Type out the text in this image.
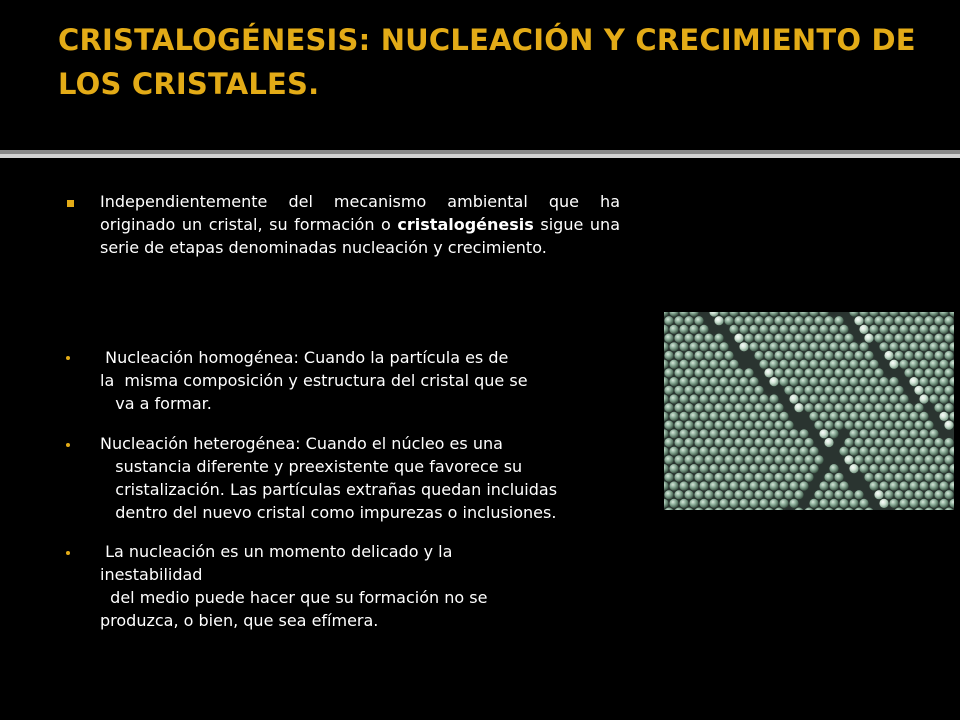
CRISTALOGÉNESIS: NUCLEACIÓN Y CRECIMIENTO DE LOS CRISTALES.

Independientemente del mecanismo ambiental que ha originado un cristal, su formación o cristalogénesis sigue una serie de etapas denominadas nucleación y crecimiento.

Nucleación homogénea: Cuando la partícula es de
la  misma composición y estructura del cristal que se
va a formar.

Nucleación heterogénea: Cuando el núcleo es una
sustancia diferente y preexistente que favorece su
cristalización. Las partículas extrañas quedan incluidas
dentro del nuevo cristal como impurezas o inclusiones.

La nucleación es un momento delicado y la
inestabilidad
del medio puede hacer que su formación no se
produzca, o bien, que sea efímera.
